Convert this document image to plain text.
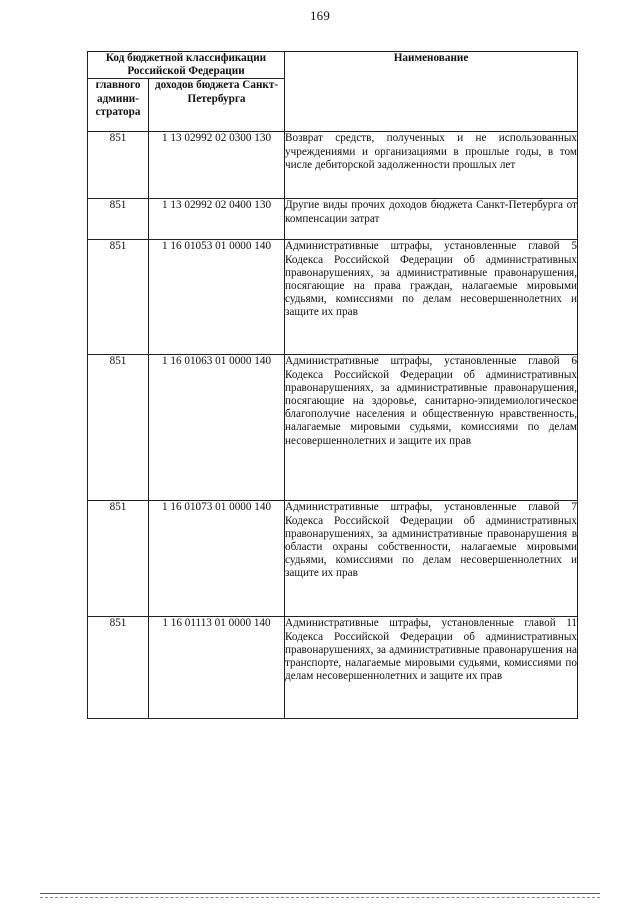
169
Код бюджетной классификации Российской Федерации		Наименование
главного админи-стратора	доходов бюджета Санкт-Петербурга	
851	1 13 02992 02 0300 130	Возврат средств, полученных и не использованных учреждениями и организациями в прошлые годы, в том числе дебиторской задолженности прошлых лет
851	1 13 02992 02 0400 130	Другие виды прочих доходов бюджета Санкт-Петербурга от компенсации затрат
851	1 16 01053 01 0000 140	Административные штрафы, установленные главой 5 Кодекса Российской Федерации об административных правонарушениях, за административные правонарушения, посягающие на права граждан, налагаемые мировыми судьями, комиссиями по делам несовершеннолетних и защите их прав
851	1 16 01063 01 0000 140	Административные штрафы, установленные главой 6 Кодекса Российской Федерации об административных правонарушениях, за административные правонарушения, посягающие на здоровье, санитарно-эпидемиологическое благополучие населения и общественную нравственность, налагаемые мировыми судьями, комиссиями по делам несовершеннолетних и защите их прав
851	1 16 01073 01 0000 140	Административные штрафы, установленные главой 7 Кодекса Российской Федерации об административных правонарушениях, за административные правонарушения в области охраны собственности, налагаемые мировыми судьями, комиссиями по делам несовершеннолетних и защите их прав
851	1 16 01113 01 0000 140	Административные штрафы, установленные главой 11 Кодекса Российской Федерации об административных правонарушениях, за административные правонарушения на транспорте, налагаемые мировыми судьями, комиссиями по делам несовершеннолетних и защите их прав
